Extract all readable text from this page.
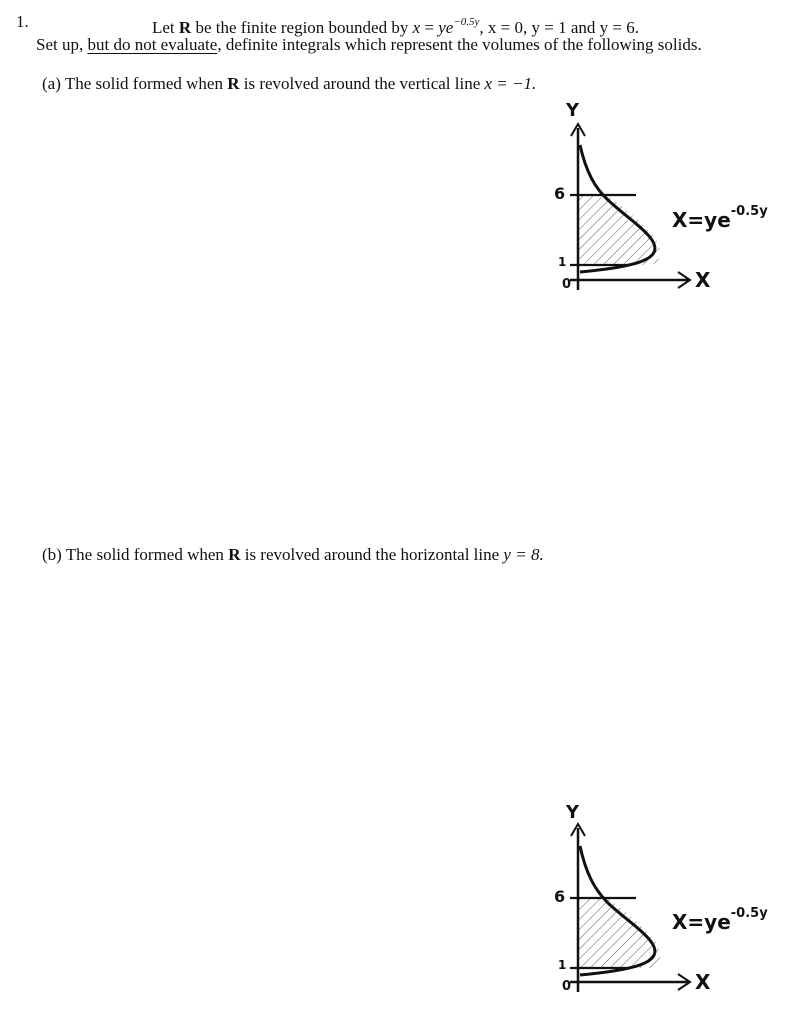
1.	Let R be the finite region bounded by $x = ye^{-0.5y}$, x = 0, y = 1 and y = 6.
Set up, but do not evaluate, definite integrals which represent the volumes of the following solids.
(a) The solid formed when R is revolved around the vertical line x = −1.
Y
6
1
0	X
$X=ye^{-0.5y}$
(b) The solid formed when R is revolved around the horizontal line y = 8.
Y
6
1
0	X
$X=ye^{-0.5y}$
